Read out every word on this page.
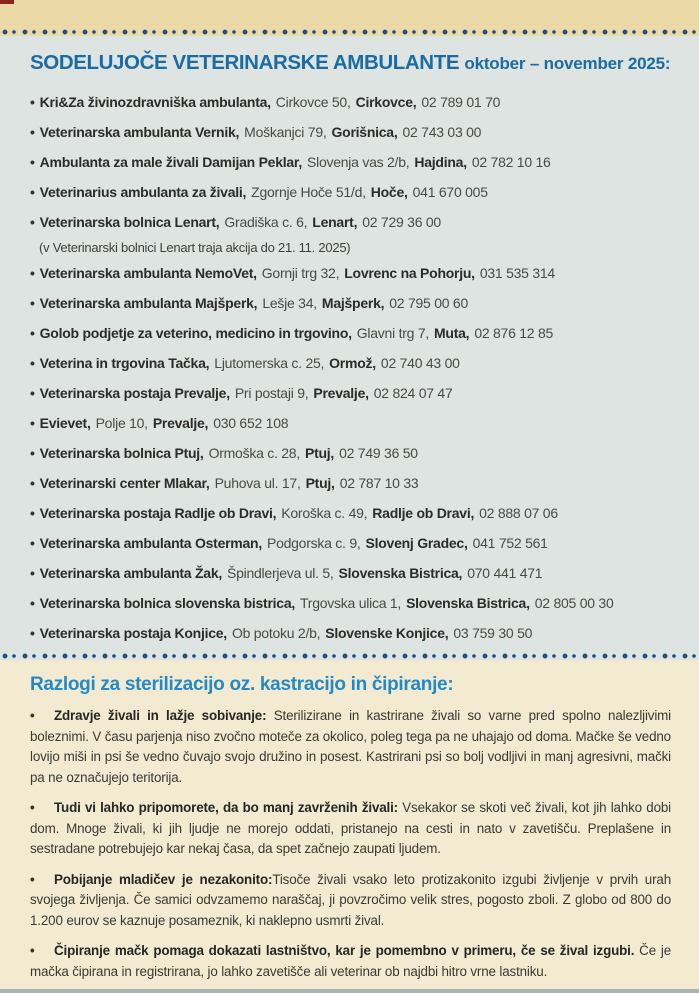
SODELUJOČE VETERINARSKE AMBULANTE oktober – november 2025:
• Kri&Za živinozdravniška ambulanta, Cirkovce 50, Cirkovce, 02 789 01 70
• Veterinarska ambulanta Vernik, Moškanjci 79, Gorišnica, 02 743 03 00
• Ambulanta za male živali Damijan Peklar, Slovenja vas 2/b, Hajdina, 02 782 10 16
• Veterinarius ambulanta za živali, Zgornje Hoče 51/d, Hoče, 041 670 005
• Veterinarska bolnica Lenart, Gradiška c. 6, Lenart, 02 729 36 00
(v Veterinarski bolnici Lenart traja akcija do 21. 11. 2025)
• Veterinarska ambulanta NemoVet, Gornji trg 32, Lovrenc na Pohorju, 031 535 314
• Veterinarska ambulanta Majšperk, Lešje 34, Majšperk, 02 795 00 60
• Golob podjetje za veterino, medicino in trgovino, Glavni trg 7, Muta, 02 876 12 85
• Veterina in trgovina Tačka, Ljutomerska c. 25, Ormož, 02 740 43 00
• Veterinarska postaja Prevalje, Pri postaji 9, Prevalje, 02 824 07 47
• Evievet, Polje 10, Prevalje, 030 652 108
• Veterinarska bolnica Ptuj, Ormoška c. 28, Ptuj, 02 749 36 50
• Veterinarski center Mlakar, Puhova ul. 17, Ptuj, 02 787 10 33
• Veterinarska postaja Radlje ob Dravi, Koroška c. 49, Radlje ob Dravi, 02 888 07 06
• Veterinarska ambulanta Osterman, Podgorska c. 9, Slovenj Gradec, 041 752 561
• Veterinarska ambulanta Žak, Špindlerjeva ul. 5, Slovenska Bistrica, 070 441 471
• Veterinarska bolnica slovenska bistrica, Trgovska ulica 1, Slovenska Bistrica, 02 805 00 30
• Veterinarska postaja Konjice, Ob potoku 2/b, Slovenske Konjice, 03 759 30 50
Razlogi za sterilizacijo oz. kastracijo in čipiranje:

• Zdravje živali in lažje sobivanje: Sterilizirane in kastrirane živali so varne pred spolno nalezljivimi boleznimi. V času parjenja niso zvočno moteče za okolico, poleg tega pa ne uhajajo od doma. Mačke še vedno lovijo miši in psi še vedno čuvajo svojo družino in posest. Kastrirani psi so bolj vodljivi in manj agresivni, mački pa ne označujejo teritorija.

• Tudi vi lahko pripomorete, da bo manj zavrženih živali: Vsekakor se skoti več živali, kot jih lahko dobi dom. Mnoge živali, ki jih ljudje ne morejo oddati, pristanejo na cesti in nato v zavetišču. Preplašene in sestradane potrebujejo kar nekaj časa, da spet začnejo zaupati ljudem.

• Pobijanje mladičev je nezakonito:Tisoče živali vsako leto protizakonito izgubi življenje v prvih urah svojega življenja. Če samici odvzamemo naraščaj, ji povzročimo velik stres, pogosto zboli. Z globo od 800 do 1.200 eurov se kaznuje posameznik, ki naklepno usmrti žival.

• Čipiranje mačk pomaga dokazati lastništvo, kar je pomembno v primeru, če se žival izgubi. Če je mačka čipirana in registrirana, jo lahko zavetišče ali veterinar ob najdbi hitro vrne lastniku.
